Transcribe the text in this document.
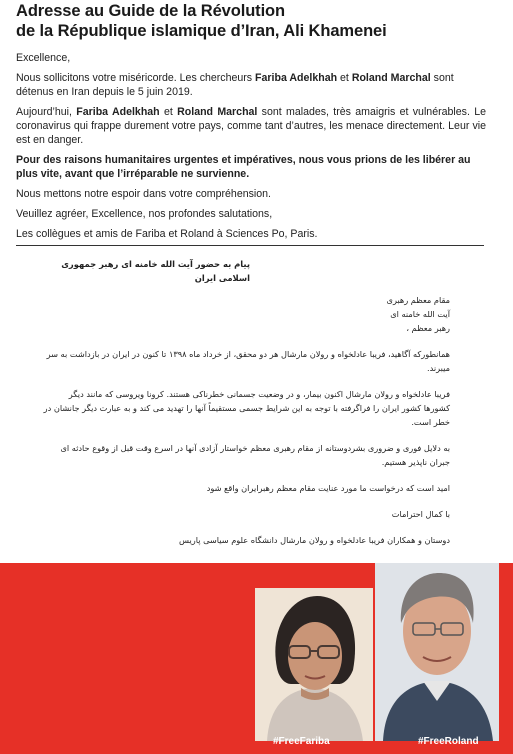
Adresse au Guide de la Révolution
de la République islamique d’Iran, Ali Khamenei

Excellence,

Nous sollicitons votre miséricorde. Les chercheurs Fariba Adelkhah et Roland Marchal sont détenus en Iran depuis le 5 juin 2019.

Aujourd’hui, Fariba Adelkhah et Roland Marchal sont malades, très amaigris et vulnérables. Le coronavirus qui frappe durement votre pays, comme tant d’autres, les menace directement. Leur vie est en danger.

Pour des raisons humanitaires urgentes et impératives, nous vous prions de les libérer au plus vite, avant que l’irréparable ne survienne.

Nous mettons notre espoir dans votre compréhension.

Veuillez agréer, Excellence, nos profondes salutations,

Les collègues et amis de Fariba et Roland à Sciences Po, Paris.

پیام به حضور آیت الله خامنه ای رهبر جمهوری اسلامی ایران

مقام معظم رهبری

آیت الله خامنه ای

رهبر معظم ،

همانطورکه آگاهید، فریبا عادلخواه و رولان مارشال هر دو محقق، از خرداد ماه ۱۳۹۸ تا کنون در ایران در بازداشت به سر میبرند.

فریبا عادلخواه و رولان مارشال اکنون بیمار، و در وضعیت جسمانی خطرناکی هستند. کرونا ویروسی که مانند دیگر کشورها کشور ایران را فراگرفته با توجه به این شرایط جسمی مستقیماً آنها را تهدید می کند و به عبارت دیگر جانشان در خطر است.

به دلایل فوری و ضروری بشردوستانه از مقام رهبری معظم خواستار آزادی آنها در اسرع وقت قبل از وقوع حادثه ای جبران ناپذیر هستیم.

امید است که درخواست ما مورد عنایت مقام معظم رهبرایران واقع شود

با کمال احترامات

دوستان و همکاران فریبا عادلخواه و رولان مارشال دانشگاه علوم سیاسی پاریس

#FreeFariba	#FreeRoland
